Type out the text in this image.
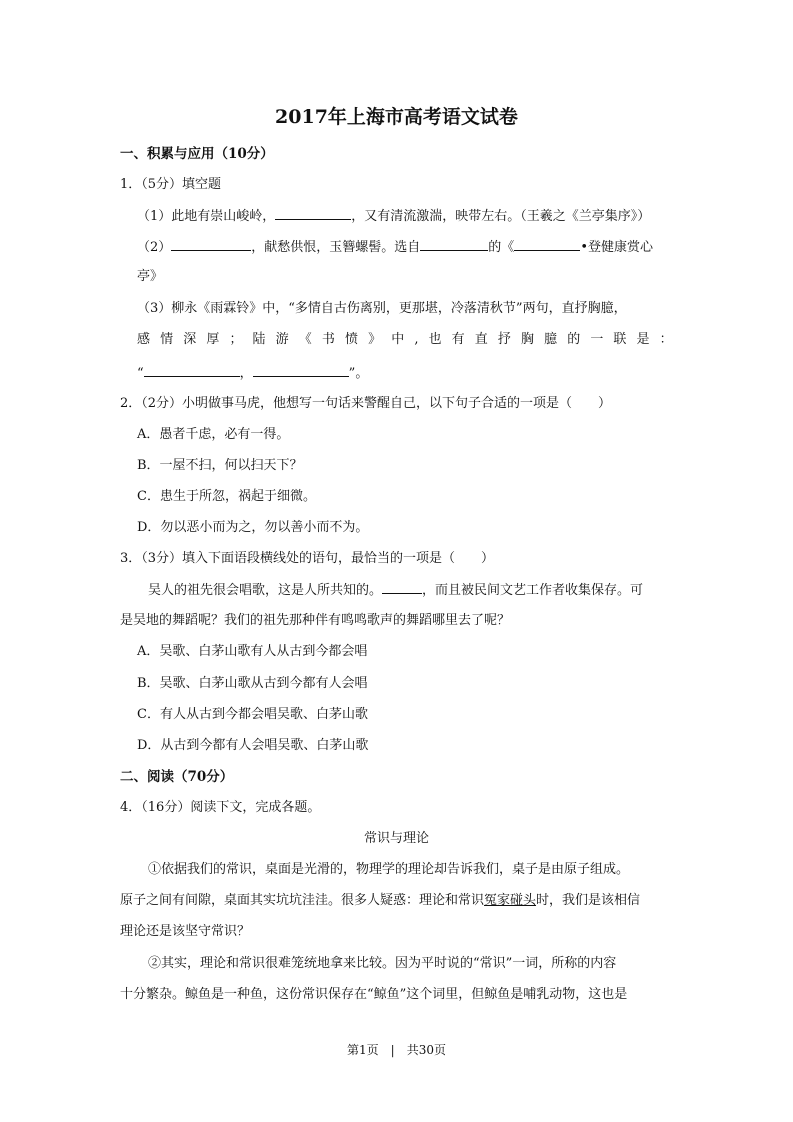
2017年上海市高考语文试卷
一、积累与应用（10分）
1．（5分）填空题
（1）此地有崇山峻岭，	，又有清流激湍，映带左右。（王羲之《兰亭集序》）
（2）	，献愁供恨，玉簪螺髻。选自	的《	•登健康赏心
亭》
（3）柳永《雨霖铃》中，“多情自古伤离别，更那堪，冷落清秋节”两句，直抒胸臆，
感 情 深 厚 ； 陆 游 《 书 愤 》 中 , 也 有 直 抒 胸 臆 的 一 联 是 ：
“	，	”。
2．（2分）小明做事马虎，他想写一句话来警醒自己，以下句子合适的一项是（　　）
A．愚者千虑，必有一得。
B．一屋不扫，何以扫天下？
C．患生于所忽，祸起于细微。
D．勿以恶小而为之，勿以善小而不为。
3．（3分）填入下面语段横线处的语句，最恰当的一项是（　　）
吴人的祖先很会唱歌，这是人所共知的。	，而且被民间文艺工作者收集保存。可
是吴地的舞蹈呢？我们的祖先那种伴有鸣鸣歌声的舞蹈哪里去了呢？
A．吴歌、白茅山歌有人从古到今都会唱
B．吴歌、白茅山歌从古到今都有人会唱
C．有人从古到今都会唱吴歌、白茅山歌
D．从古到今都有人会唱吴歌、白茅山歌
二、阅读（70分）
4．（16分）阅读下文，完成各题。
常识与理论
①依据我们的常识，桌面是光滑的，物理学的理论却告诉我们，桌子是由原子组成。
原子之间有间隙，桌面其实坑坑洼洼。很多人疑惑：理论和常识冤家碰头时，我们是该相信
理论还是该坚守常识？
②其实，理论和常识很难笼统地拿来比较。因为平时说的“常识”一词，所称的内容
十分繁杂。鲸鱼是一种鱼，这份常识保存在“鲸鱼”这个词里，但鲸鱼是哺乳动物，这也是
第1页　|　共30页
